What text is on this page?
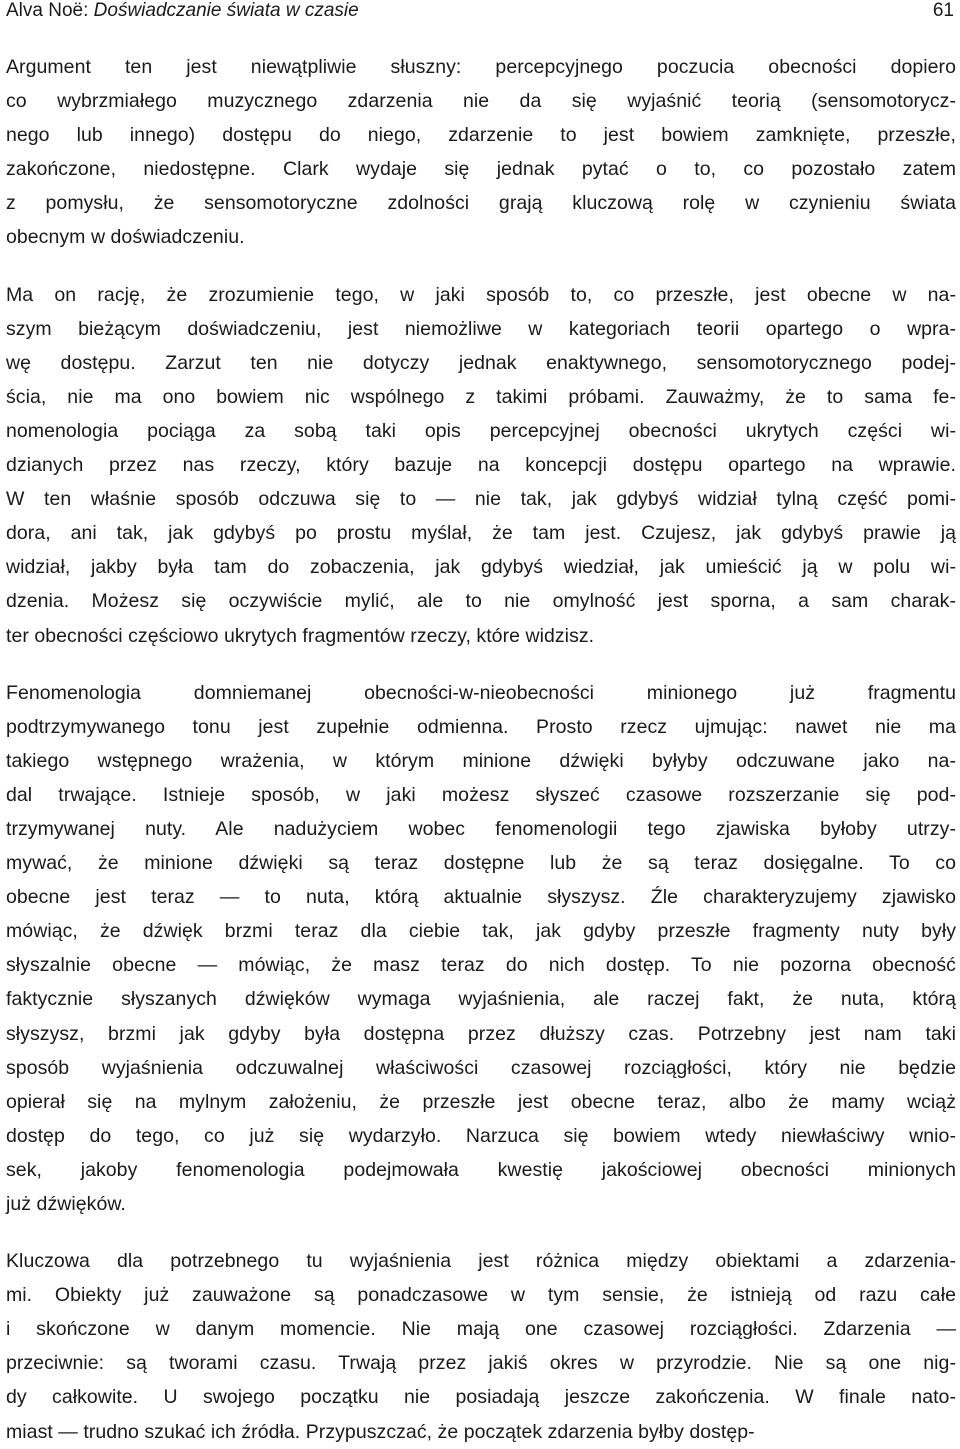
Alva Noë: Doświadczanie świata w czasie	61

Argument ten jest niewątpliwie słuszny: percepcyjnego poczucia obecności dopiero
co wybrzmiałego muzycznego zdarzenia nie da się wyjaśnić teorią (sensomotorycz-
nego lub innego) dostępu do niego, zdarzenie to jest bowiem zamknięte, przeszłe,
zakończone, niedostępne. Clark wydaje się jednak pytać o to, co pozostało zatem
z pomysłu, że sensomotoryczne zdolności grają kluczową rolę w czynieniu świata
obecnym w doświadczeniu.

Ma on rację, że zrozumienie tego, w jaki sposób to, co przeszłe, jest obecne w na-
szym bieżącym doświadczeniu, jest niemożliwe w kategoriach teorii opartego o wpra-
wę dostępu. Zarzut ten nie dotyczy jednak enaktywnego, sensomotorycznego podej-
ścia, nie ma ono bowiem nic wspólnego z takimi próbami. Zauważmy, że to sama fe-
nomenologia pociąga za sobą taki opis percepcyjnej obecności ukrytych części wi-
dzianych przez nas rzeczy, który bazuje na koncepcji dostępu opartego na wprawie.
W ten właśnie sposób odczuwa się to — nie tak, jak gdybyś widział tylną część pomi-
dora, ani tak, jak gdybyś po prostu myślał, że tam jest. Czujesz, jak gdybyś prawie ją
widział, jakby była tam do zobaczenia, jak gdybyś wiedział, jak umieścić ją w polu wi-
dzenia. Możesz się oczywiście mylić, ale to nie omylność jest sporna, a sam charak-
ter obecności częściowo ukrytych fragmentów rzeczy, które widzisz.

Fenomenologia domniemanej obecności-w-nieobecności minionego już fragmentu
podtrzymywanego tonu jest zupełnie odmienna. Prosto rzecz ujmując: nawet nie ma
takiego wstępnego wrażenia, w którym minione dźwięki byłyby odczuwane jako na-
dal trwające. Istnieje sposób, w jaki możesz słyszeć czasowe rozszerzanie się pod-
trzymywanej nuty. Ale nadużyciem wobec fenomenologii tego zjawiska byłoby utrzy-
mywać, że minione dźwięki są teraz dostępne lub że są teraz dosięgalne. To co
obecne jest teraz — to nuta, którą aktualnie słyszysz. Źle charakteryzujemy zjawisko
mówiąc, że dźwięk brzmi teraz dla ciebie tak, jak gdyby przeszłe fragmenty nuty były
słyszalnie obecne — mówiąc, że masz teraz do nich dostęp. To nie pozorna obecność
faktycznie słyszanych dźwięków wymaga wyjaśnienia, ale raczej fakt, że nuta, którą
słyszysz, brzmi jak gdyby była dostępna przez dłuższy czas. Potrzebny jest nam taki
sposób wyjaśnienia odczuwalnej właściwości czasowej rozciągłości, który nie będzie
opierał się na mylnym założeniu, że przeszłe jest obecne teraz, albo że mamy wciąż
dostęp do tego, co już się wydarzyło. Narzuca się bowiem wtedy niewłaściwy wnio-
sek, jakoby fenomenologia podejmowała kwestię jakościowej obecności minionych
już dźwięków.

Kluczowa dla potrzebnego tu wyjaśnienia jest różnica między obiektami a zdarzenia-
mi. Obiekty już zauważone są ponadczasowe w tym sensie, że istnieją od razu całe
i skończone w danym momencie. Nie mają one czasowej rozciągłości. Zdarzenia —
przeciwnie: są tworami czasu. Trwają przez jakiś okres w przyrodzie. Nie są one nig-
dy całkowite. U swojego początku nie posiadają jeszcze zakończenia. W finale nato-
miast — trudno szukać ich źródła. Przypuszczać, że początek zdarzenia byłby dostęp-
